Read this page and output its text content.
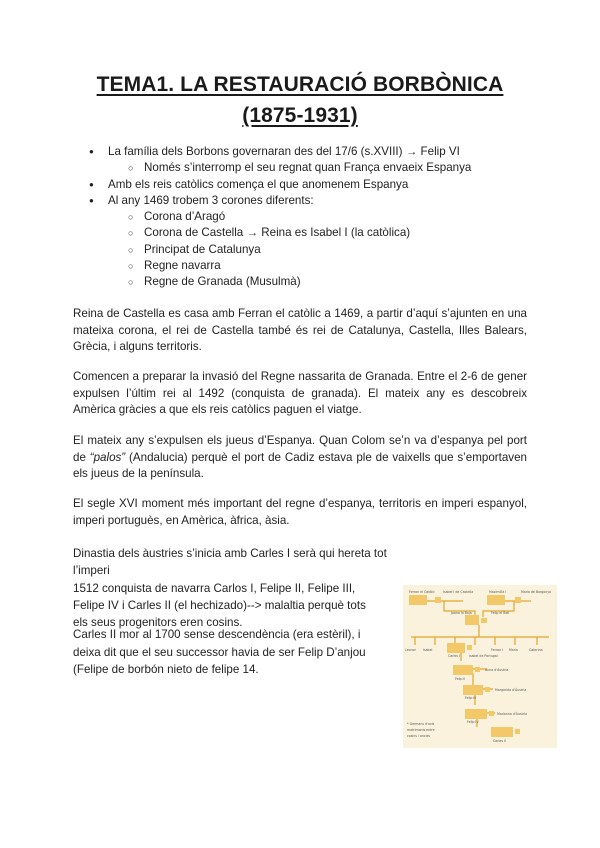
TEMA1. LA RESTAURACIÓ BORBÒNICA
(1875-1931)
● La família dels Borbons governaran des del 17/6 (s.XVIII) → Felip VI
○ Només s’interromp el seu regnat quan França envaeix Espanya
● Amb els reis catòlics comença el que anomenem Espanya
● Al any 1469 trobem 3 corones diferents:
○ Corona d’Aragó
○ Corona de Castella → Reina es Isabel I (la catòlica)
○ Principat de Catalunya
○ Regne navarra
○ Regne de Granada (Musulmà)

Reina de Castella es casa amb Ferran el catòlic a 1469, a partir d’aquí s’ajunten en una mateixa corona, el rei de Castella també és rei de Catalunya, Castella, Illes Balears, Grècia, i alguns territoris.

Comencen a preparar la invasió del Regne nassarita de Granada. Entre el 2-6 de gener expulsen l’últim rei al 1492 (conquista de granada). El mateix any es descobreix Amèrica gràcies a que els reis catòlics paguen el viatge.

El mateix any s’expulsen els jueus d’Espanya. Quan Colom se’n va d’espanya pel port de “palos” (Andalucia) perquè el port de Cadiz estava ple de vaixells que s’emportaven els jueus de la península.

El segle XVI moment més important del regne d’espanya, territoris en imperi espanyol, imperi portuguès, en Amèrica, àfrica, àsia.

Dinastia dels àustries s’inicia amb Carles I serà qui hereta tot l’imperi
1512 conquista de navarra Carlos I, Felipe II, Felipe III,
Felipe IV i Carles II (el hechizado)--> malaltia perquè tots
els seus progenitors eren cosins.

Carles II mor al 1700 sense descendència (era estèril), i
deixa dit que el seu successor havia de ser Felip D’anjou
(Felipe de borbón nieto de felipe 14.

Ferran el Catòlic	Isabel I de Castella	Maximilià I	Maria de Borgonya
Joana la Boja	Felip el Bell
Leonor Isabel
Carles I	Isabel de Portugal
Ferran I Maria	Caterina
Felip II
Anna d'Àustria
Felip III
Margarida d'Àustria
Felip IV
Marianna d'Àustria
Carles II
* Germans d'avis
matrimonis entre
cosins i oncles
